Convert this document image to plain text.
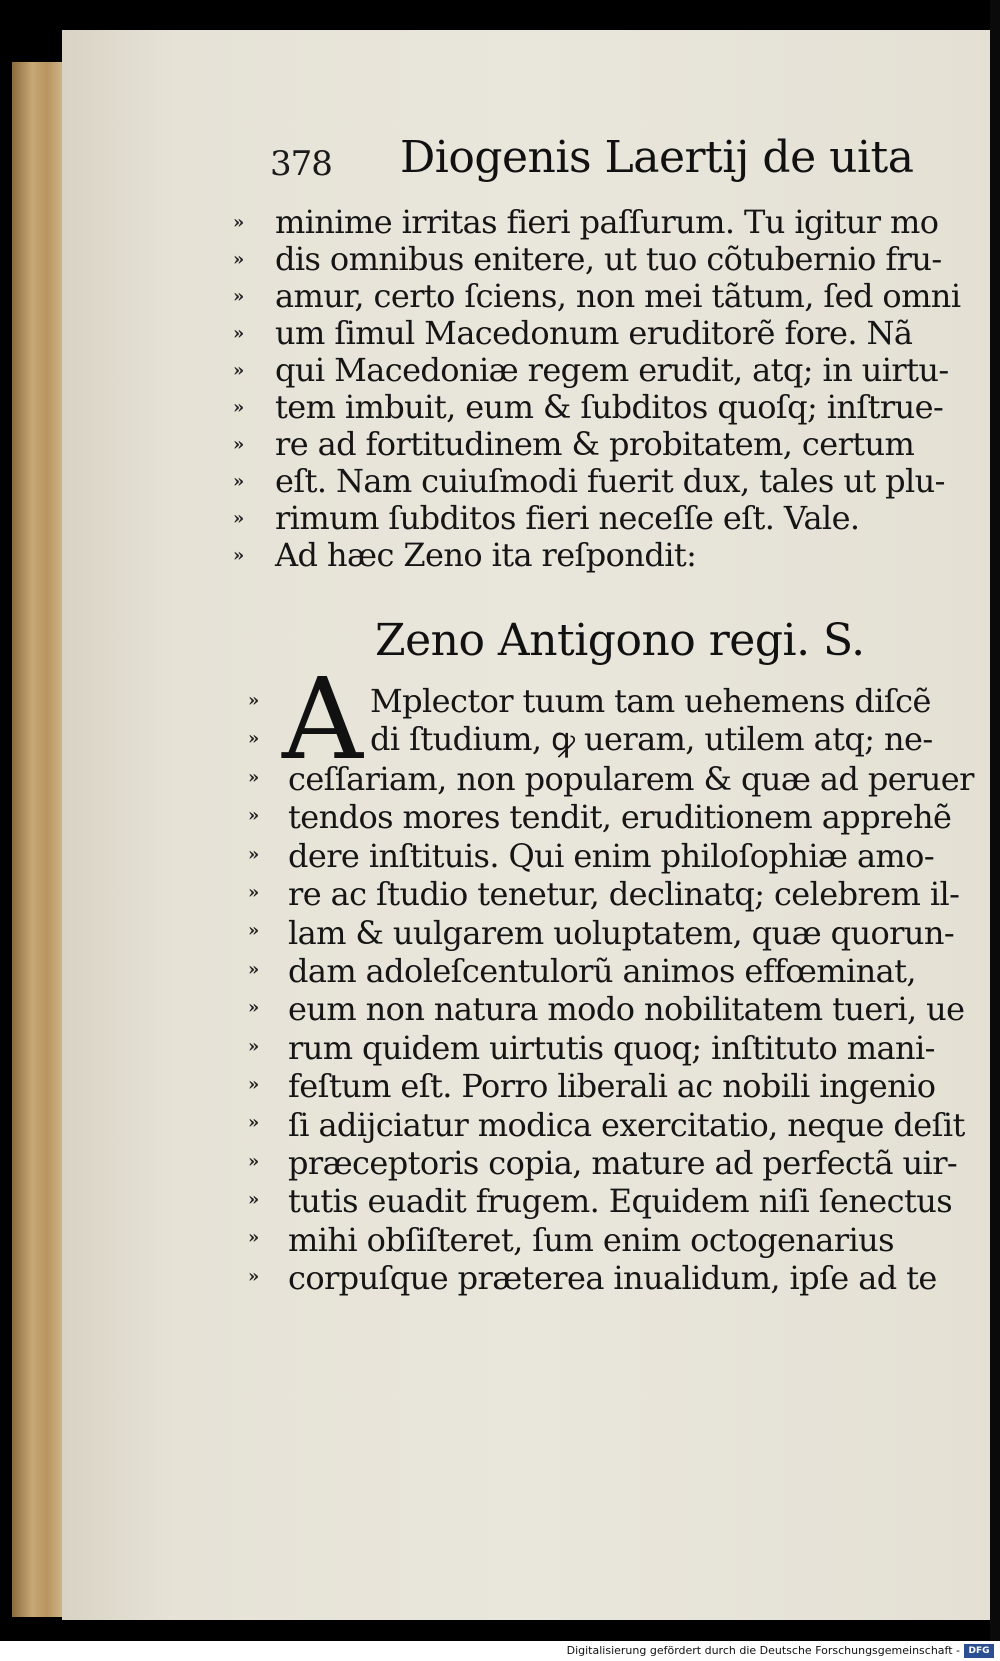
378 Diogenis Laertij de uita
»
»
»
»
»
»
»
»
»
»
minime irritas fieri paſſurum. Tu igitur mo
dis omnibus enitere, ut tuo cõtubernio fru-
amur, certo ſciens, non mei tãtum, ſed omni
um ſimul Macedonum eruditorẽ fore. Nã
qui Macedoniæ regem erudit, atq; in uirtu-
tem imbuit, eum & ſubditos quoſq; inſtrue-
re ad fortitudinem & probitatem, certum
eſt. Nam cuiuſmodi fuerit dux, tales ut plu-
rimum ſubditos fieri neceſſe eſt. Vale.
Ad hæc Zeno ita reſpondit:
Zeno Antigono regi. S.
A
»
»
»
»
»
»
»
»
»
»
»
»
»
»
»
»
Mplector tuum tam uehemens diſcẽ
di ſtudium, ꝙ ueram, utilem atq; ne-
ceſſariam, non popularem & quæ ad peruer
tendos mores tendit, eruditionem apprehẽ
dere inſtituis. Qui enim philoſophiæ amo-
re ac ſtudio tenetur, declinatq; celebrem il-
lam & uulgarem uoluptatem, quæ quorun-
dam adoleſcentulorũ animos effœminat,
eum non natura modo nobilitatem tueri, ue
rum quidem uirtutis quoq; inſtituto mani-
feſtum eſt. Porro liberali ac nobili ingenio
ſi adijciatur modica exercitatio, neque deſit
præceptoris copia, mature ad perfectã uir-
tutis euadit frugem. Equidem niſi ſenectus
mihi obſiſteret, ſum enim octogenarius
corpuſque præterea inualidum, ipſe ad te
Digitalisierung gefördert durch die Deutsche Forschungsgemeinschaft - DFG
